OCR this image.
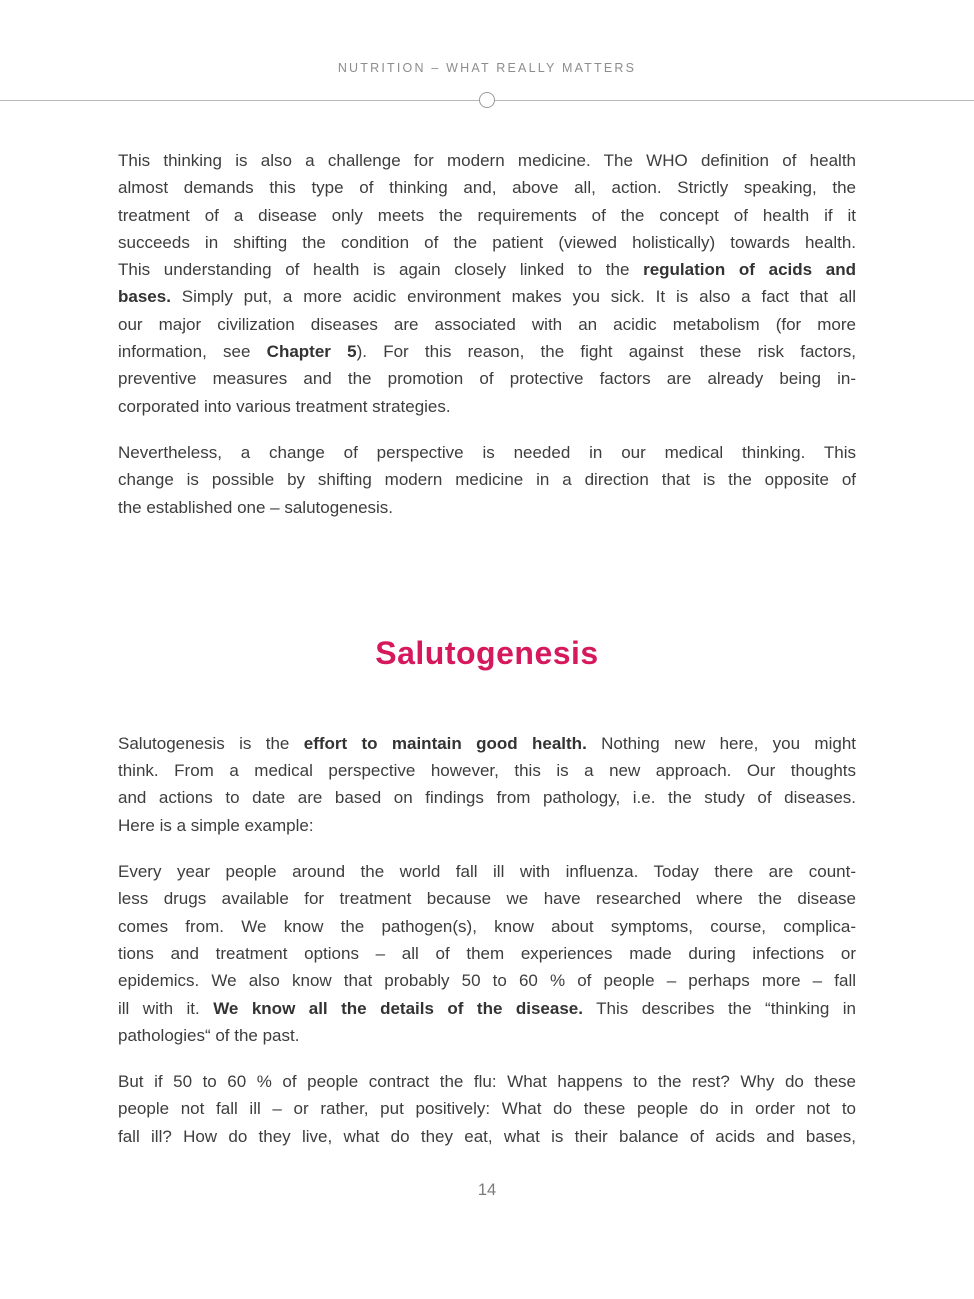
NUTRITION – WHAT REALLY MATTERS
This thinking is also a challenge for modern medicine. The WHO definition of health
almost demands this type of thinking and, above all, action. Strictly speaking, the
treatment of a disease only meets the requirements of the concept of health if it
succeeds in shifting the condition of the patient (viewed holistically) towards health.
This understanding of health is again closely linked to the regulation of acids and
bases. Simply put, a more acidic environment makes you sick. It is also a fact that all
our major civilization diseases are associated with an acidic metabolism (for more
information, see Chapter 5). For this reason, the fight against these risk factors,
preventive measures and the promotion of protective factors are already being in-
corporated into various treatment strategies.
Nevertheless, a change of perspective is needed in our medical thinking. This
change is possible by shifting modern medicine in a direction that is the opposite of
the established one – salutogenesis.
Salutogenesis
Salutogenesis is the effort to maintain good health. Nothing new here, you might
think. From a medical perspective however, this is a new approach. Our thoughts
and actions to date are based on findings from pathology, i.e. the study of diseases.
Here is a simple example:
Every year people around the world fall ill with influenza. Today there are count-
less drugs available for treatment because we have researched where the disease
comes from. We know the pathogen(s), know about symptoms, course, complica-
tions and treatment options – all of them experiences made during infections or
epidemics. We also know that probably 50 to 60 % of people – perhaps more – fall
ill with it. We know all the details of the disease. This describes the “thinking in
pathologies“ of the past.
But if 50 to 60 % of people contract the flu: What happens to the rest? Why do these
people not fall ill – or rather, put positively: What do these people do in order not to
fall ill? How do they live, what do they eat, what is their balance of acids and bases,
14
